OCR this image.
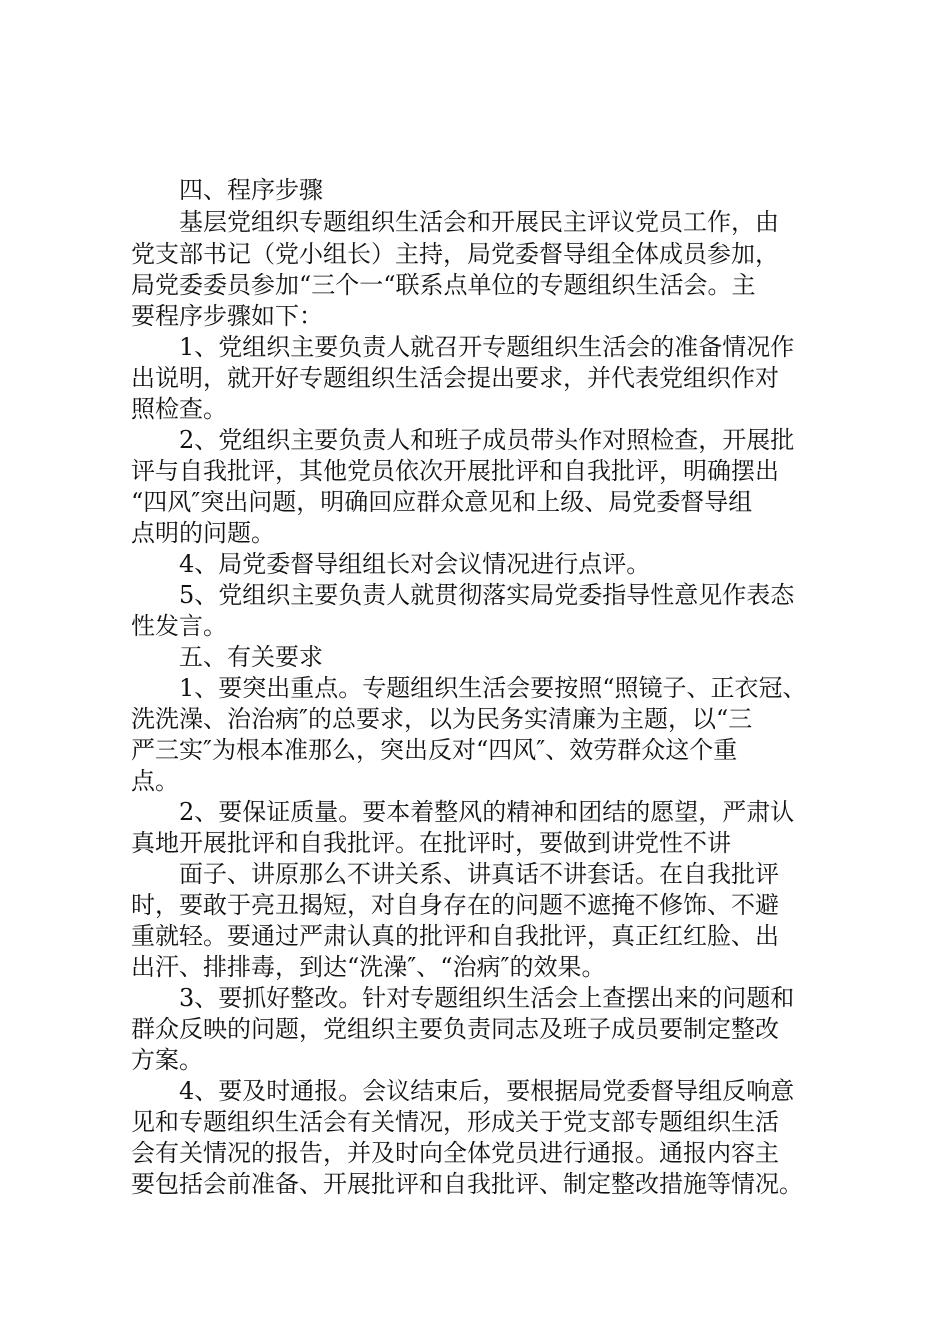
　　四、程序步骤
　　基层党组织专题组织生活会和开展民主评议党员工作，由
党支部书记（党小组长）主持，局党委督导组全体成员参加，
局党委委员参加“三个一“联系点单位的专题组织生活会。主
要程序步骤如下：
　　1、党组织主要负责人就召开专题组织生活会的准备情况作
出说明，就开好专题组织生活会提出要求，并代表党组织作对
照检查。
　　2、党组织主要负责人和班子成员带头作对照检查，开展批
评与自我批评，其他党员依次开展批评和自我批评，明确摆出
“四风″突出问题，明确回应群众意见和上级、局党委督导组
点明的问题。
　　4、局党委督导组组长对会议情况进行点评。
　　5、党组织主要负责人就贯彻落实局党委指导性意见作表态
性发言。
　　五、有关要求
　　1、要突出重点。专题组织生活会要按照“照镜子、正衣冠、
洗洗澡、治治病″的总要求，以为民务实清廉为主题，以“三
严三实″为根本准那么，突出反对“四风″、效劳群众这个重
点。
　　2、要保证质量。要本着整风的精神和团结的愿望，严肃认
真地开展批评和自我批评。在批评时，要做到讲党性不讲
　　面子、讲原那么不讲关系、讲真话不讲套话。在自我批评
时，要敢于亮丑揭短，对自身存在的问题不遮掩不修饰、不避
重就轻。要通过严肃认真的批评和自我批评，真正红红脸、出
出汗、排排毒，到达“洗澡″、“治病″的效果。
　　3、要抓好整改。针对专题组织生活会上查摆出来的问题和
群众反映的问题，党组织主要负责同志及班子成员要制定整改
方案。
　　4、要及时通报。会议结束后，要根据局党委督导组反响意
见和专题组织生活会有关情况，形成关于党支部专题组织生活
会有关情况的报告，并及时向全体党员进行通报。通报内容主
要包括会前准备、开展批评和自我批评、制定整改措施等情况。
